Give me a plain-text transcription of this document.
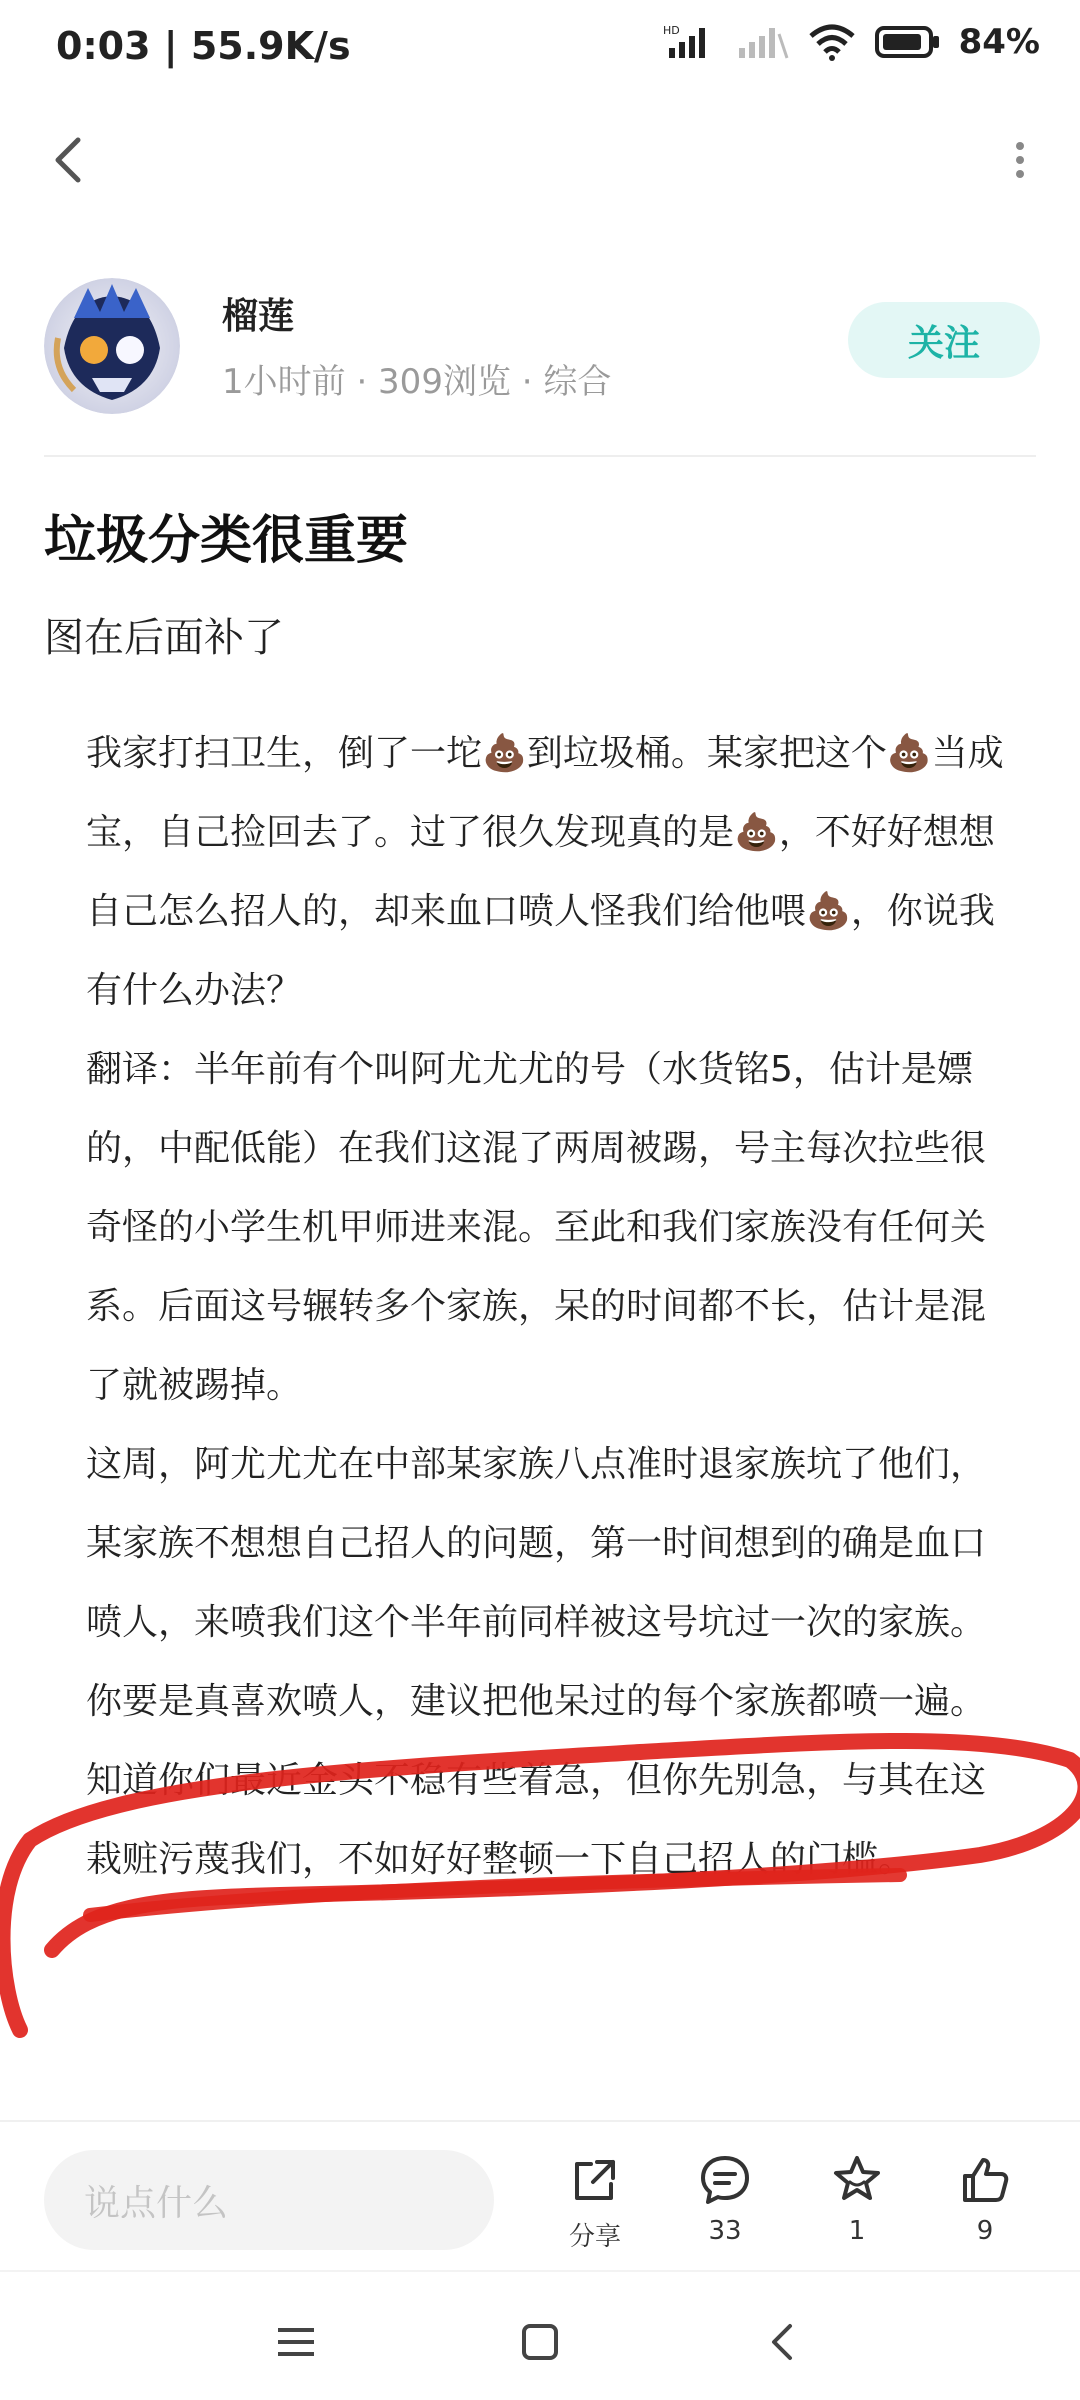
0:03 | 55.9K/s	HD	84%
榴莲
1小时前 · 309浏览 · 综合
关注
垃圾分类很重要
图在后面补了

我家打扫卫生，倒了一坨💩到垃圾桶。某家把这个💩当成宝，自己捡回去了。过了很久发现真的是💩，不好好想想自己怎么招人的，却来血口喷人怪我们给他喂💩，你说我有什么办法？

翻译：半年前有个叫阿尤尤尤的号（水货铭5，估计是嫖的，中配低能）在我们这混了两周被踢，号主每次拉些很奇怪的小学生机甲师进来混。至此和我们家族没有任何关系。后面这号辗转多个家族，呆的时间都不长，估计是混了就被踢掉。

这周，阿尤尤尤在中部某家族八点准时退家族坑了他们，某家族不想想自己招人的问题，第一时间想到的确是血口喷人，来喷我们这个半年前同样被这号坑过一次的家族。你要是真喜欢喷人，建议把他呆过的每个家族都喷一遍。

知道你们最近金头不稳有些着急，但你先别急，与其在这栽赃污蔑我们，不如好好整顿一下自己招人的门槛。

说点什么
分享	33	1	9
